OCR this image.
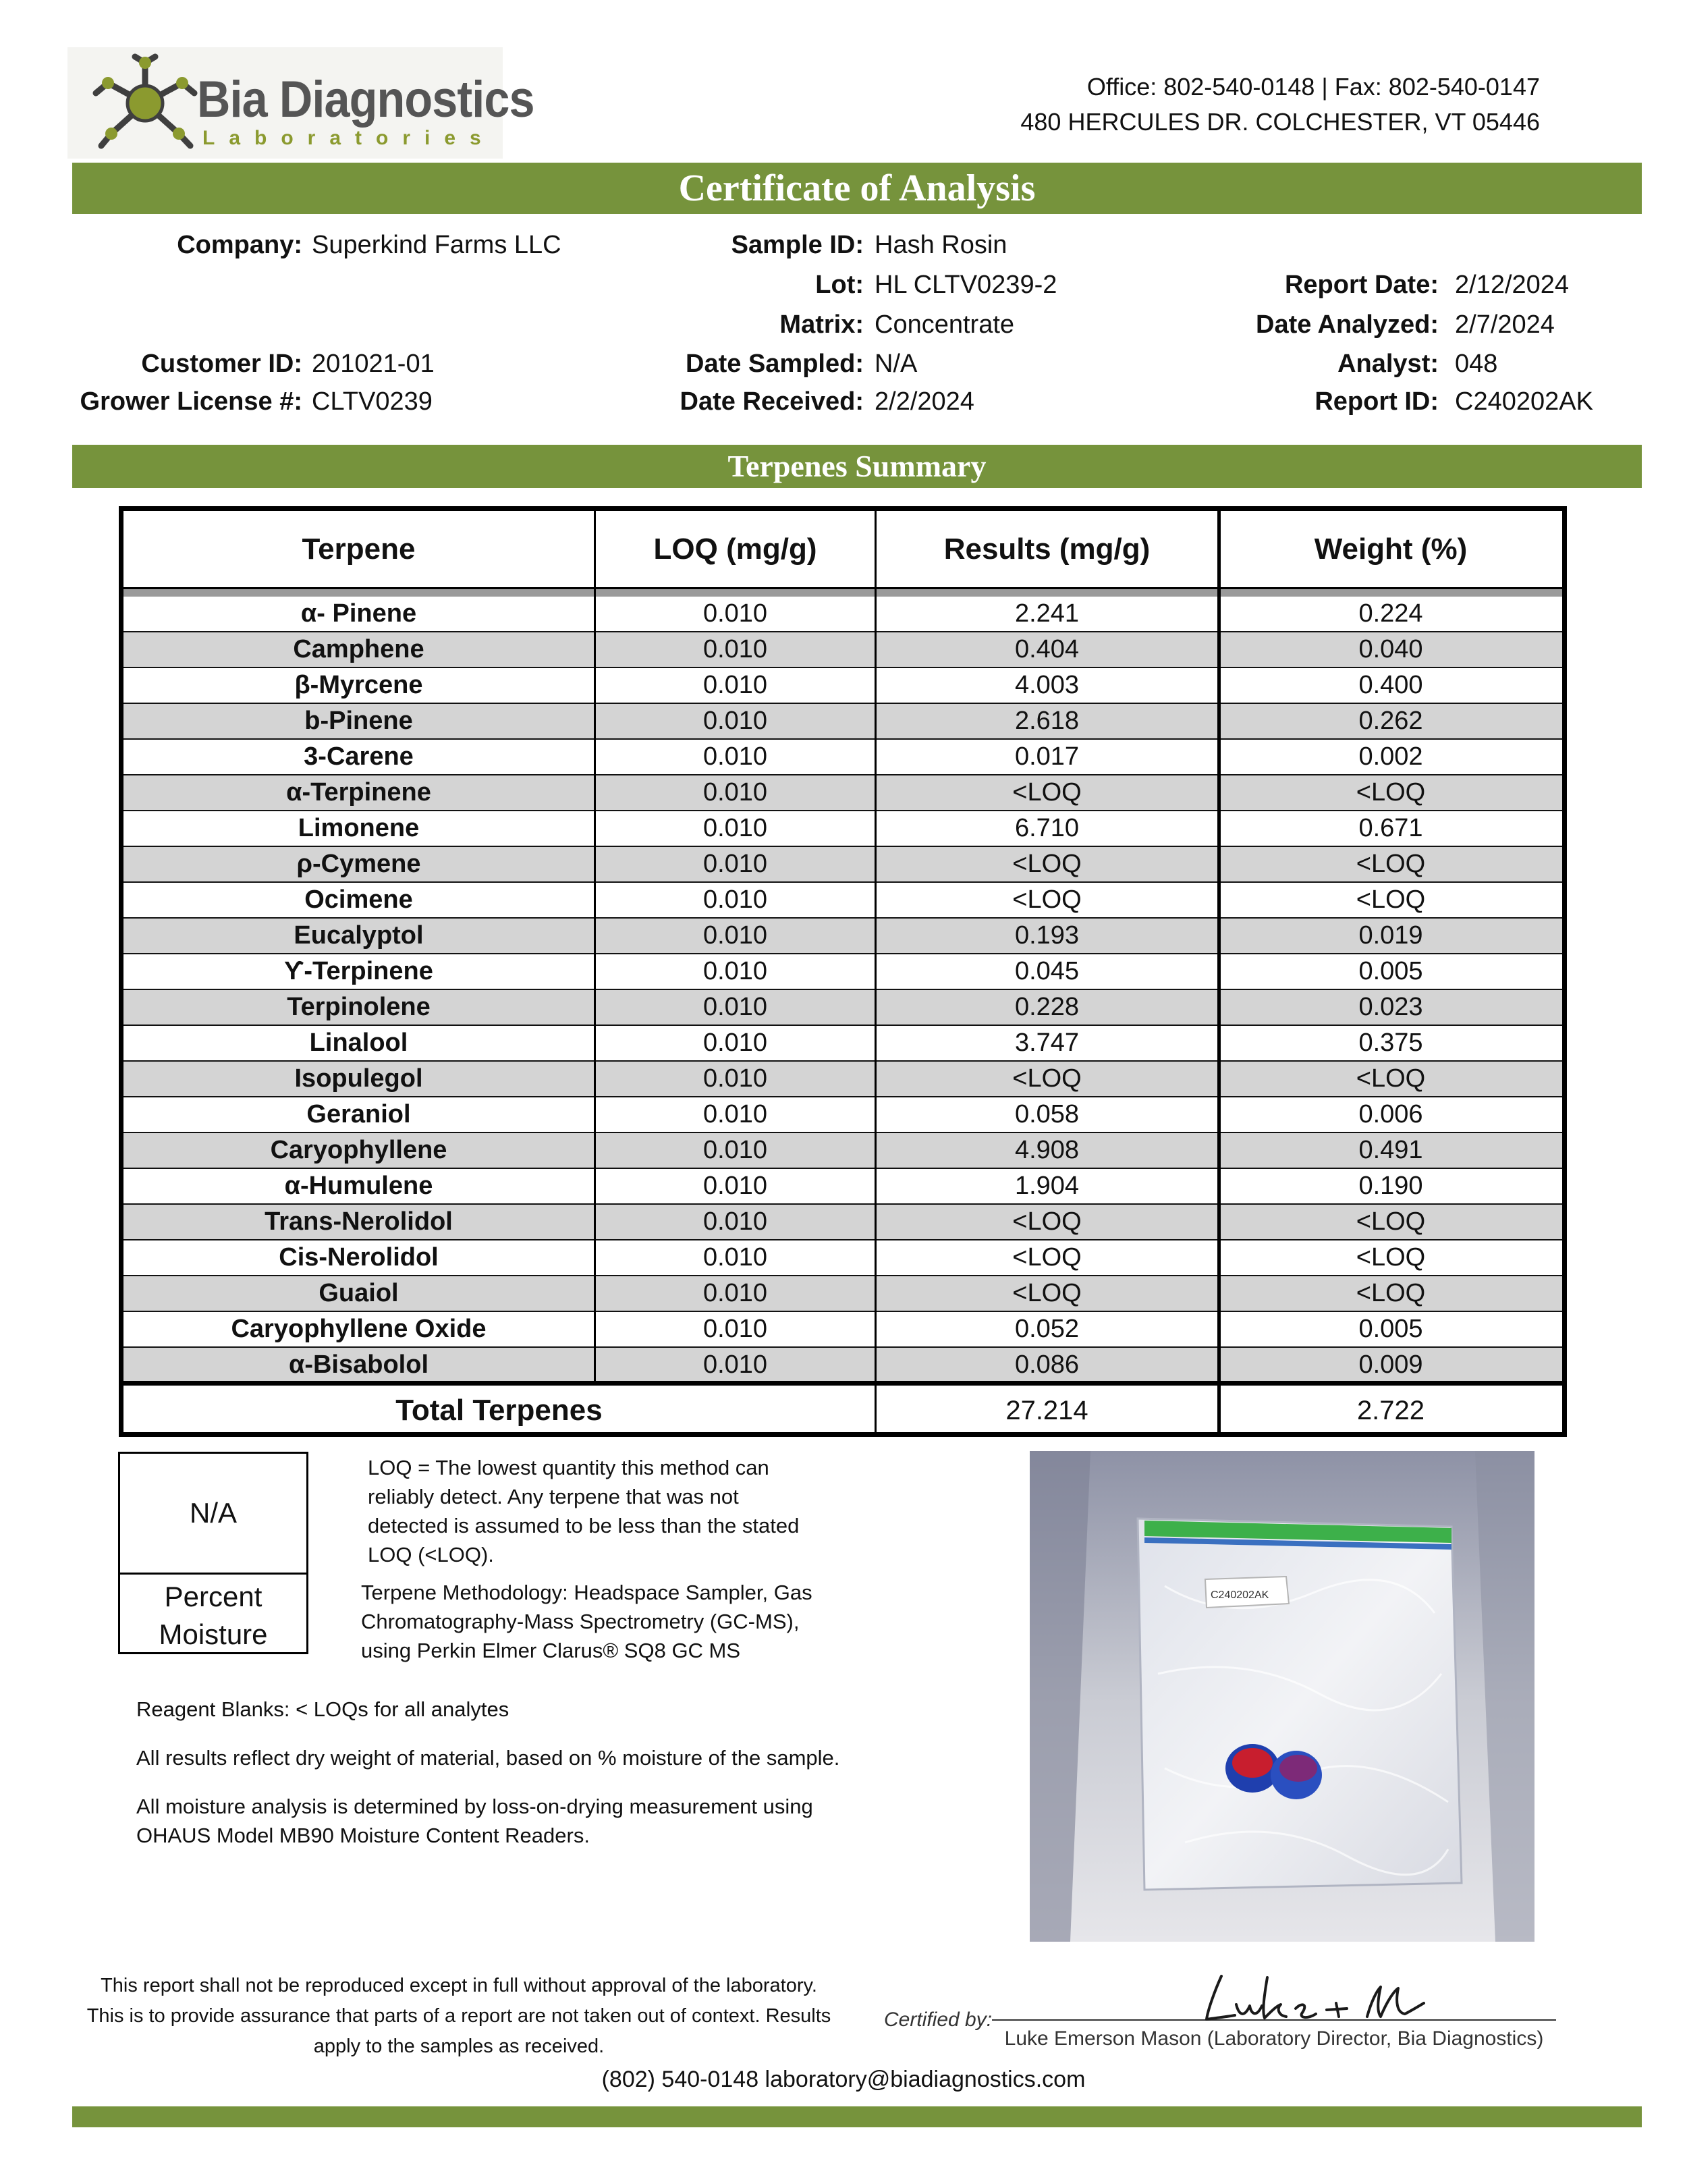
Bia Diagnostics
Laboratories
Office: 802-540-0148 | Fax: 802-540-0147
480 HERCULES DR. COLCHESTER, VT 05446
Certificate of Analysis
Company: Superkind Farms LLC
Customer ID: 201021-01
Grower License #: CLTV0239
Sample ID: Hash Rosin
Lot: HL CLTV0239-2
Matrix: Concentrate
Date Sampled: N/A
Date Received: 2/2/2024
Report Date: 2/12/2024
Date Analyzed: 2/7/2024
Analyst: 048
Report ID: C240202AK
Terpenes Summary
Terpene	LOQ (mg/g)	Results (mg/g)	Weight (%)
α- Pinene	0.010	2.241	0.224
Camphene	0.010	0.404	0.040
β-Myrcene	0.010	4.003	0.400
b-Pinene	0.010	2.618	0.262
3-Carene	0.010	0.017	0.002
α-Terpinene	0.010	<LOQ	<LOQ
Limonene	0.010	6.710	0.671
ρ-Cymene	0.010	<LOQ	<LOQ
Ocimene	0.010	<LOQ	<LOQ
Eucalyptol	0.010	0.193	0.019
ϒ-Terpinene	0.010	0.045	0.005
Terpinolene	0.010	0.228	0.023
Linalool	0.010	3.747	0.375
Isopulegol	0.010	<LOQ	<LOQ
Geraniol	0.010	0.058	0.006
Caryophyllene	0.010	4.908	0.491
α-Humulene	0.010	1.904	0.190
Trans-Nerolidol	0.010	<LOQ	<LOQ
Cis-Nerolidol	0.010	<LOQ	<LOQ
Guaiol	0.010	<LOQ	<LOQ
Caryophyllene Oxide	0.010	0.052	0.005
α-Bisabolol	0.010	0.086	0.009
Total Terpenes	27.214	2.722
N/A
Percent
Moisture
LOQ = The lowest quantity this method can
reliably detect. Any terpene that was not
detected is assumed to be less than the stated
LOQ (<LOQ).
Terpene Methodology: Headspace Sampler, Gas
Chromatography-Mass Spectrometry (GC-MS),
using Perkin Elmer Clarus® SQ8 GC MS
Reagent Blanks: < LOQs for all analytes
All results reflect dry weight of material, based on % moisture of the sample.
All moisture analysis is determined by loss-on-drying measurement using
OHAUS Model MB90 Moisture Content Readers.
C240202AK
This report shall not be reproduced except in full without approval of the laboratory.
This is to provide assurance that parts of a report are not taken out of context. Results
apply to the samples as received.
Certified by:
Luke Emerson Mason (Laboratory Director, Bia Diagnostics)
(802) 540-0148 laboratory@biadiagnostics.com
